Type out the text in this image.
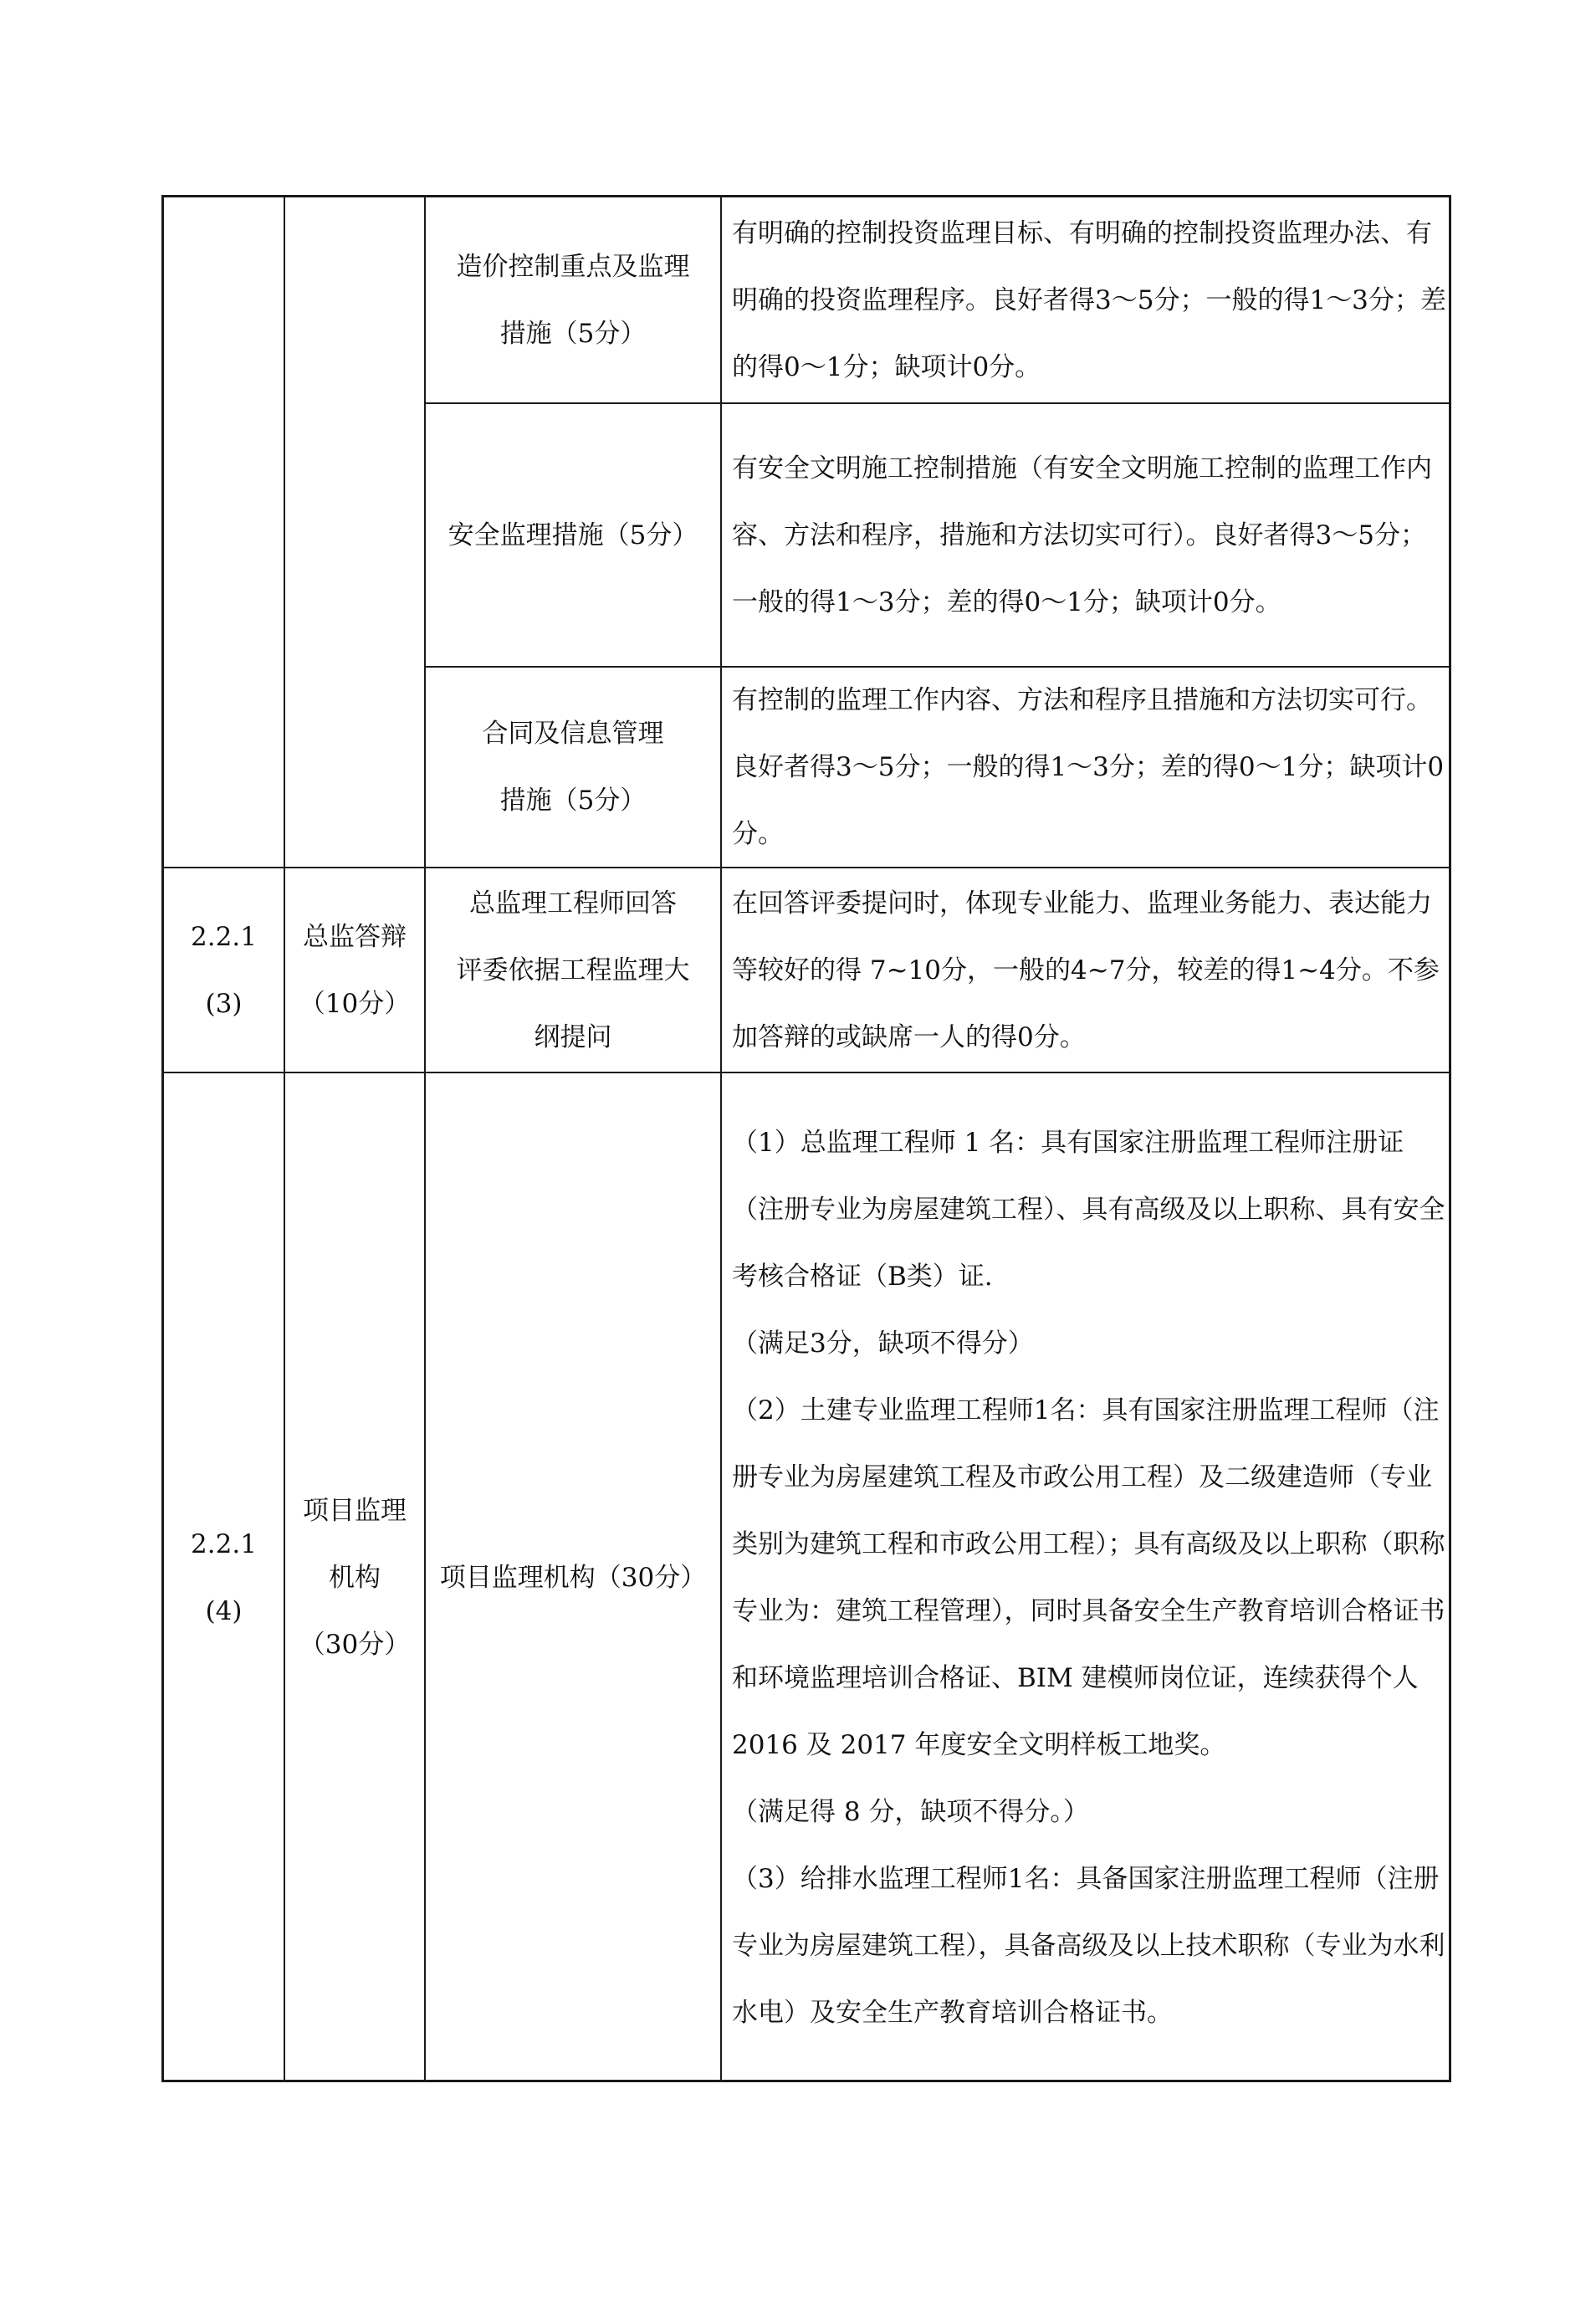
造价控制重点及监理
措施（5分）
有明确的控制投资监理目标、有明确的控制投资监理办法、有明确的投资监理程序。良好者得3～5分；一般的得1～3分；差的得0～1分；缺项计0分。
安全监理措施（5分）
有安全文明施工控制措施（有安全文明施工控制的监理工作内容、方法和程序，措施和方法切实可行）。良好者得3～5分；一般的得1～3分；差的得0～1分；缺项计0分。
合同及信息管理
措施（5分）
有控制的监理工作内容、方法和程序且措施和方法切实可行。良好者得3～5分；一般的得1～3分；差的得0～1分；缺项计0分。
2.2.1
(3)
总监答辩
（10分）
总监理工程师回答
评委依据工程监理大
纲提问
在回答评委提问时，体现专业能力、监理业务能力、表达能力等较好的得 7~10分，一般的4~7分，较差的得1~4分。不参加答辩的或缺席一人的得0分。
2.2.1
(4)
项目监理
机构
（30分）
项目监理机构（30分）
（1）总监理工程师 1 名：具有国家注册监理工程师注册证（注册专业为房屋建筑工程）、具有高级及以上职称、具有安全考核合格证（B类）证.
（满足3分，缺项不得分）
（2）土建专业监理工程师1名：具有国家注册监理工程师（注册专业为房屋建筑工程及市政公用工程）及二级建造师（专业类别为建筑工程和市政公用工程）；具有高级及以上职称（职称专业为：建筑工程管理），同时具备安全生产教育培训合格证书和环境监理培训合格证、BIM 建模师岗位证，连续获得个人 2016 及 2017 年度安全文明样板工地奖。
（满足得 8 分，缺项不得分。）
（3）给排水监理工程师1名：具备国家注册监理工程师（注册专业为房屋建筑工程），具备高级及以上技术职称（专业为水利水电）及安全生产教育培训合格证书。
